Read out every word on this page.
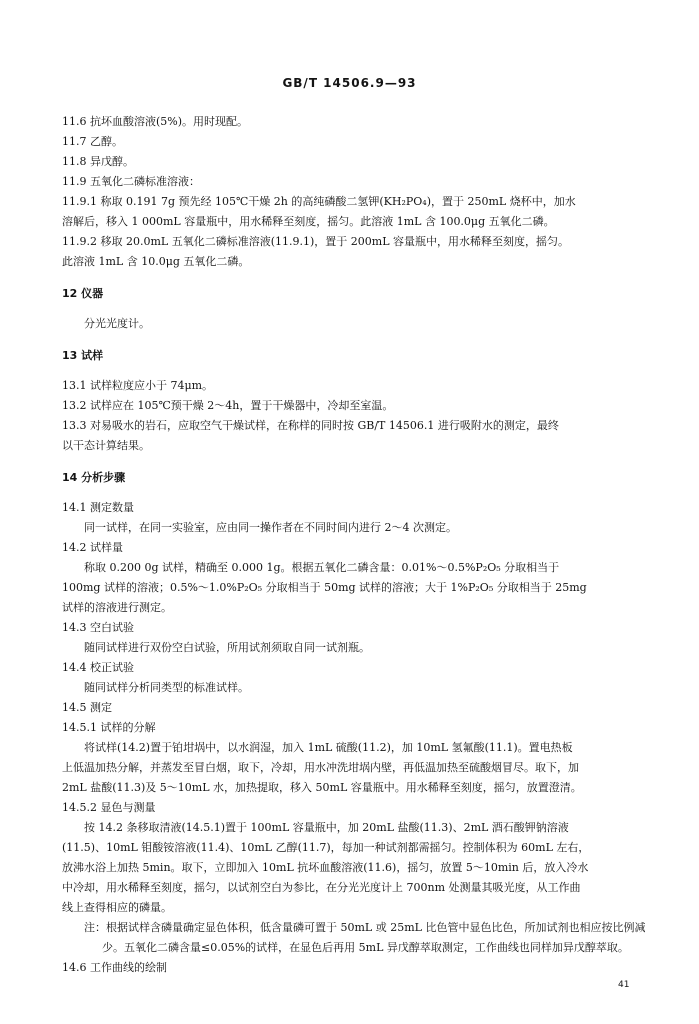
GB/T 14506.9—93

11.6 抗坏血酸溶液(5%)。用时现配。

11.7 乙醇。

11.8 异戊醇。

11.9 五氧化二磷标准溶液：

11.9.1 称取 0.191 7g 预先经 105℃干燥 2h 的高纯磷酸二氢钾(KH₂PO₄)，置于 250mL 烧杯中，加水

溶解后，移入 1 000mL 容量瓶中，用水稀释至刻度，摇匀。此溶液 1mL 含 100.0μg 五氧化二磷。

11.9.2 移取 20.0mL 五氧化二磷标准溶液(11.9.1)，置于 200mL 容量瓶中，用水稀释至刻度，摇匀。

此溶液 1mL 含 10.0μg 五氧化二磷。

12 仪器

分光光度计。

13 试样

13.1 试样粒度应小于 74μm。

13.2 试样应在 105℃预干燥 2～4h，置于干燥器中，冷却至室温。

13.3 对易吸水的岩石，应取空气干燥试样，在称样的同时按 GB/T 14506.1 进行吸附水的测定，最终

以干态计算结果。

14 分析步骤

14.1 测定数量

同一试样，在同一实验室，应由同一操作者在不同时间内进行 2～4 次测定。

14.2 试样量

称取 0.200 0g 试样，精确至 0.000 1g。根据五氧化二磷含量：0.01%～0.5%P₂O₅ 分取相当于

100mg 试样的溶液；0.5%～1.0%P₂O₅ 分取相当于 50mg 试样的溶液；大于 1%P₂O₅ 分取相当于 25mg

试样的溶液进行测定。

14.3 空白试验

随同试样进行双份空白试验，所用试剂须取自同一试剂瓶。

14.4 校正试验

随同试样分析同类型的标准试样。

14.5 测定

14.5.1 试样的分解

将试样(14.2)置于铂坩埚中，以水润湿，加入 1mL 硫酸(11.2)，加 10mL 氢氟酸(11.1)。置电热板

上低温加热分解，并蒸发至冒白烟，取下，冷却，用水冲洗坩埚内壁，再低温加热至硫酸烟冒尽。取下，加

2mL 盐酸(11.3)及 5～10mL 水，加热提取，移入 50mL 容量瓶中。用水稀释至刻度，摇匀，放置澄清。

14.5.2 显色与测量

按 14.2 条移取清液(14.5.1)置于 100mL 容量瓶中，加 20mL 盐酸(11.3)、2mL 酒石酸钾钠溶液

(11.5)、10mL 钼酸铵溶液(11.4)、10mL 乙醇(11.7)，每加一种试剂都需摇匀。控制体积为 60mL 左右，

放沸水浴上加热 5min。取下，立即加入 10mL 抗坏血酸溶液(11.6)，摇匀，放置 5～10min 后，放入冷水

中冷却，用水稀释至刻度，摇匀，以试剂空白为参比，在分光光度计上 700nm 处测量其吸光度，从工作曲

线上查得相应的磷量。

注：根据试样含磷量确定显色体积，低含量磷可置于 50mL 或 25mL 比色管中显色比色，所加试剂也相应按比例减

少。五氧化二磷含量≤0.05%的试样，在显色后再用 5mL 异戊醇萃取测定，工作曲线也同样加异戊醇萃取。

14.6 工作曲线的绘制

41
